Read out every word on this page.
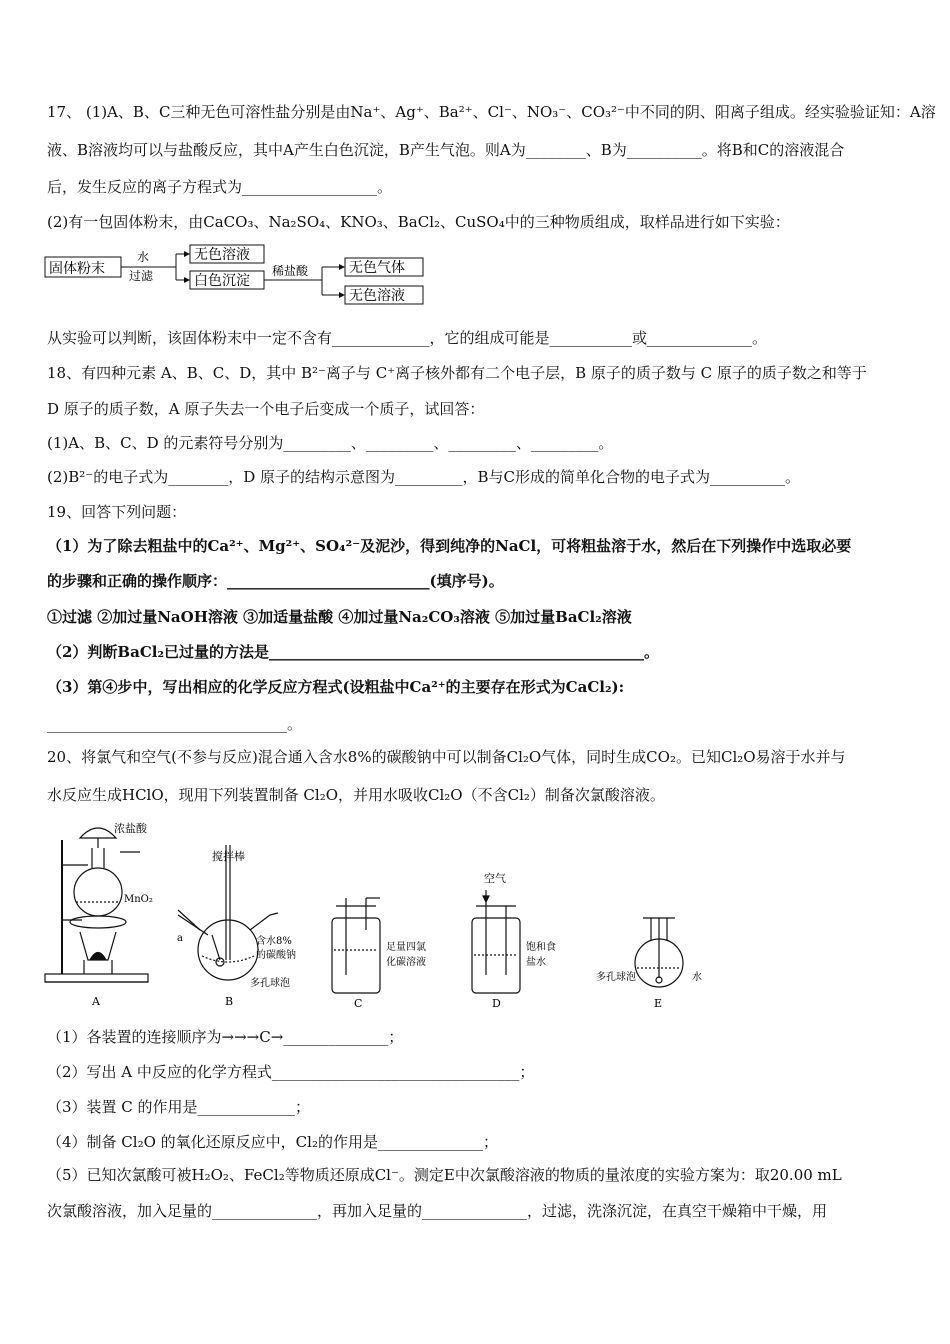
17、 (1)A、B、C三种无色可溶性盐分别是由Na⁺、Ag⁺、Ba²⁺、Cl⁻、NO₃⁻、CO₃²⁻中不同的阴、阳离子组成。经实验验证知：A溶
液、B溶液均可以与盐酸反应，其中A产生白色沉淀，B产生气泡。则A为________、B为__________。将B和C的溶液混合
后，发生反应的离子方程式为__________________。
(2)有一包固体粉末，由CaCO₃、Na₂SO₄、KNO₃、BaCl₂、CuSO₄中的三种物质组成，取样品进行如下实验：
固体粉末
水
过滤
无色溶液
白色沉淀
稀盐酸	无色气体
无色溶液
从实验可以判断，该固体粉末中一定不含有_____________，它的组成可能是___________或______________。
18、有四种元素 A、B、C、D，其中 B²⁻离子与 C⁺离子核外都有二个电子层，B 原子的质子数与 C 原子的质子数之和等于
D 原子的质子数，A 原子失去一个电子后变成一个质子，试回答：
(1)A、B、C、D 的元素符号分别为_________、_________、_________、_________。
(2)B²⁻的电子式为________，D 原子的结构示意图为_________，B与C形成的简单化合物的电子式为__________。
19、回答下列问题：
（1）为了除去粗盐中的Ca²⁺、Mg²⁺、SO₄²⁻及泥沙，得到纯净的NaCl，可将粗盐溶于水，然后在下列操作中选取必要
的步骤和正确的操作顺序：___________________________(填序号)。
①过滤 ②加过量NaOH溶液 ③加适量盐酸 ④加过量Na₂CO₃溶液 ⑤加过量BaCl₂溶液
（2）判断BaCl₂已过量的方法是__________________________________________________。
（3）第④步中，写出相应的化学反应方程式(设粗盐中Ca²⁺的主要存在形式为CaCl₂):
________________________________。
20、将氯气和空气(不参与反应)混合通入含水8%的碳酸钠中可以制备Cl₂O气体，同时生成CO₂。已知Cl₂O易溶于水并与
水反应生成HClO，现用下列装置制备 Cl₂O，并用水吸收Cl₂O（不含Cl₂）制备次氯酸溶液。
浓盐酸
MnO₂
A
搅拌棒
a	含水8%
的碳酸钠
多孔球泡
B
足量四氯
化碳溶液
C
空气
饱和食
盐水
D
多孔球泡	水
E
（1）各装置的连接顺序为→→→C→______________；
（2）写出 A 中反应的化学方程式_________________________________；
（3）装置 C 的作用是_____________；
（4）制备 Cl₂O 的氧化还原反应中，Cl₂的作用是______________；
（5）已知次氯酸可被H₂O₂、FeCl₂等物质还原成Cl⁻。测定E中次氯酸溶液的物质的量浓度的实验方案为：取20.00 mL
次氯酸溶液，加入足量的______________，再加入足量的______________，过滤，洗涤沉淀，在真空干燥箱中干燥，用
